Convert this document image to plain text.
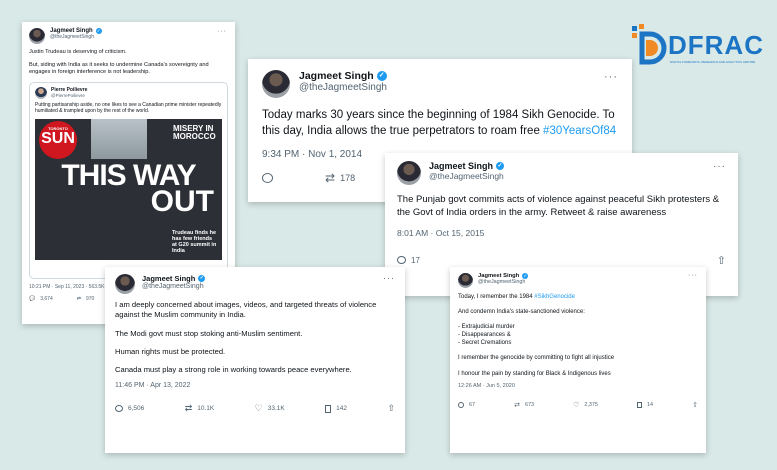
DFRAC
DIGITAL FORENSICS, RESEARCH AND ANALYTICS CENTRE
Jagmeet Singh	✓
@theJagmeetSingh
···

Justin Trudeau is deserving of criticism.

But, siding with India as it seeks to undermine Canada's sovereignty and engages in foreign interference is not leadership.

Pierre Poilievre
@PierrePoilievre

Putting partisanship aside, no one likes to see a Canadian prime minister repeatedly humiliated & trampled upon by the rest of the world.

TORONTO
SUN
MISERY IN MOROCCO
THIS WAY
OUT
Trudeau finds he has few friends at G20 summit in India
10:21 PM · Sep 11, 2023 · 563.5K
💬 3,674	⇄ 970
Jagmeet Singh ✓
@theJagmeetSingh
···

Today marks 30 years since the beginning of 1984 Sikh Genocide. To this day, India allows the true perpetrators to roam free #30YearsOf84

9:34 PM · Nov 1, 2014
⇄ 178
Jagmeet Singh ✓
@theJagmeetSingh
···

The Punjab govt commits acts of violence against peaceful Sikh protesters & the Govt of India orders in the army. Retweet & raise awareness

8:01 AM · Oct 15, 2015
17	⇧
Jagmeet Singh ✓
@theJagmeetSingh
···

I am deeply concerned about images, videos, and targeted threats of violence against the Muslim community in India.

The Modi govt must stop stoking anti-Muslim sentiment.

Human rights must be protected.

Canada must play a strong role in working towards peace everywhere.

11:46 PM · Apr 13, 2022
6,506	⇄ 10.1K	♡ 33.1K	142	⇧
Jagmeet Singh	✓
@theJagmeetSingh
···

Today, I remember the 1984 #SikhGenocide

And condemn India's state-sanctioned violence:

- Extrajudicial murder

- Disappearances &

- Secret Cremations

I remember the genocide by committing to fight all injustice

I honour the pain by standing for Black & Indigenous lives

12:26 AM · Jun 5, 2020
67	⇄ 673	♡ 2,375	14	⇧
